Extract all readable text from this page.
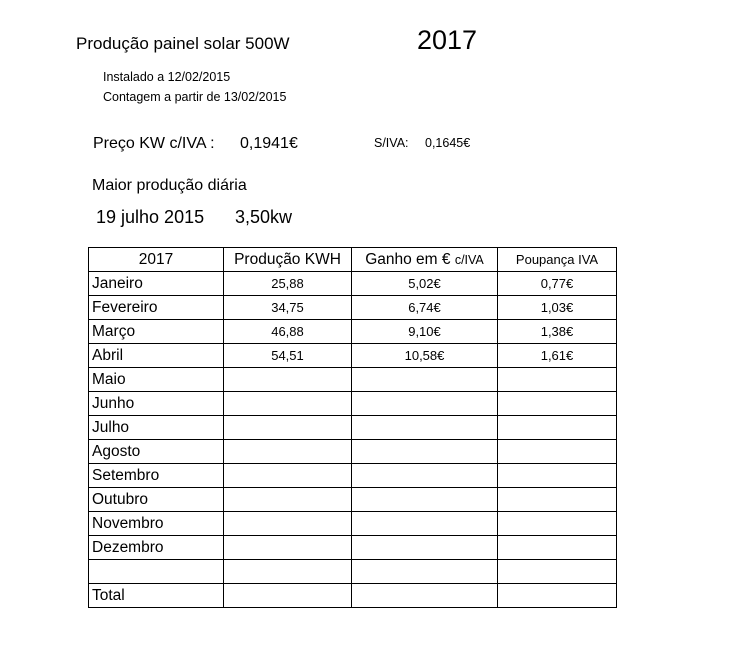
Produção painel solar 500W	2017
Instalado a 12/02/2015
Contagem a partir de 13/02/2015
Preço KW c/IVA : 0,1941€	S/IVA: 0,1645€
Maior produção diária
19 julho 2015 3,50kw
2017	Produção KWH	Ganho em € c/IVA	Poupança IVA
Janeiro	25,88	5,02€	0,77€
Fevereiro	34,75	6,74€	1,03€
Março	46,88	9,10€	1,38€
Abril	54,51	10,58€	1,61€
Maio			
Junho			
Julho			
Agosto			
Setembro			
Outubro			
Novembro			
Dezembro			

Total			
